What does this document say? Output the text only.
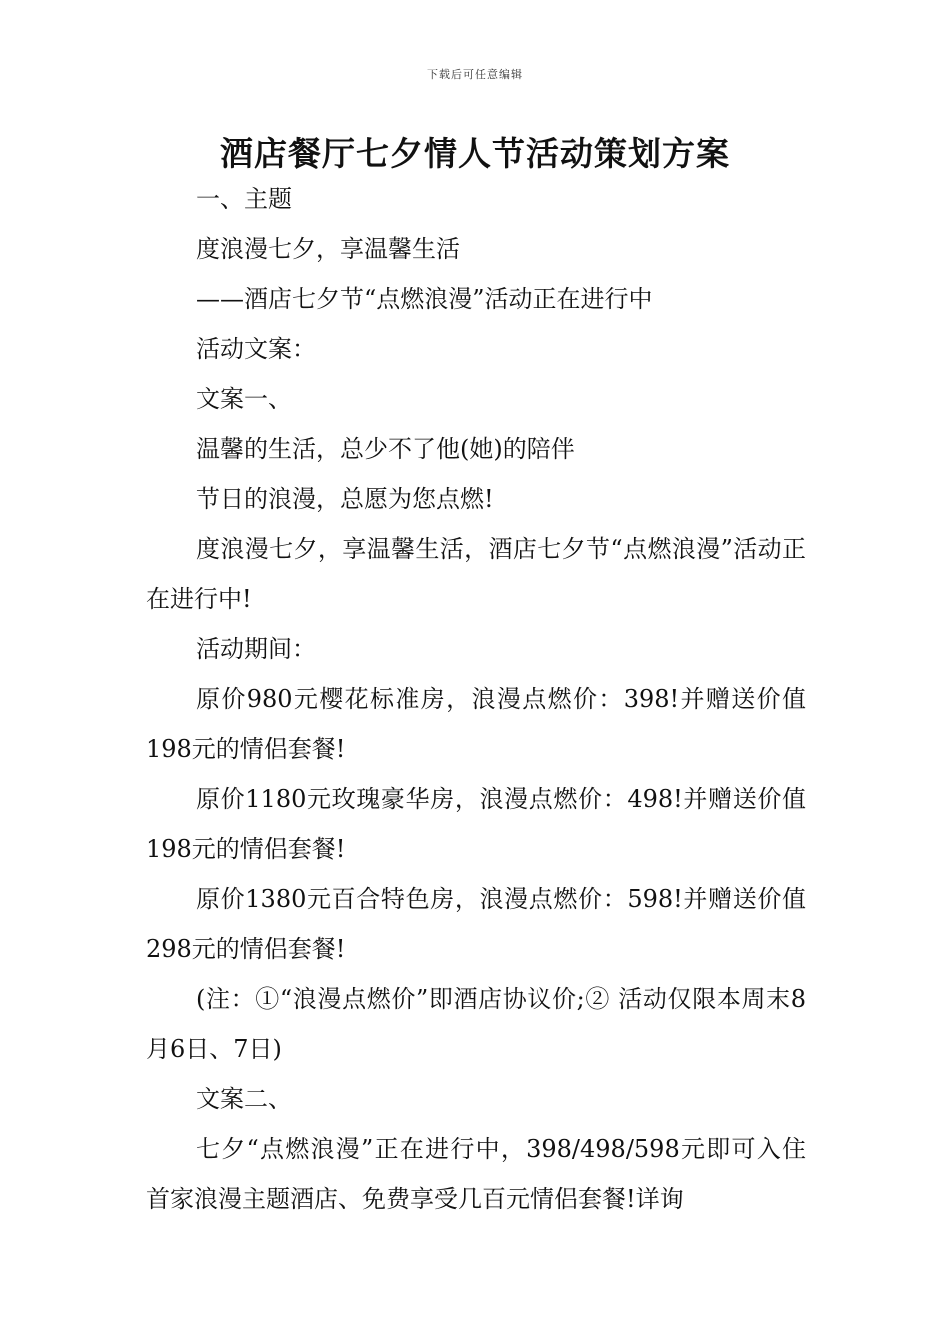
下载后可任意编辑
酒店餐厅七夕情人节活动策划方案

一、主题

度浪漫七夕，享温馨生活

——酒店七夕节“点燃浪漫”活动正在进行中

活动文案：

文案一、

温馨的生活，总少不了他(她)的陪伴

节日的浪漫，总愿为您点燃!

度浪漫七夕，享温馨生活，酒店七夕节“点燃浪漫”活动正在进行中!

活动期间：

原价980元樱花标准房，浪漫点燃价：398!并赠送价值198元的情侣套餐!

原价1180元玫瑰豪华房，浪漫点燃价：498!并赠送价值198元的情侣套餐!

原价1380元百合特色房，浪漫点燃价：598!并赠送价值298元的情侣套餐!

(注：①“浪漫点燃价”即酒店协议价;② 活动仅限本周末8月6日、7日)

文案二、

七夕“点燃浪漫”正在进行中，398/498/598元即可入住首家浪漫主题酒店、免费享受几百元情侣套餐!详询
